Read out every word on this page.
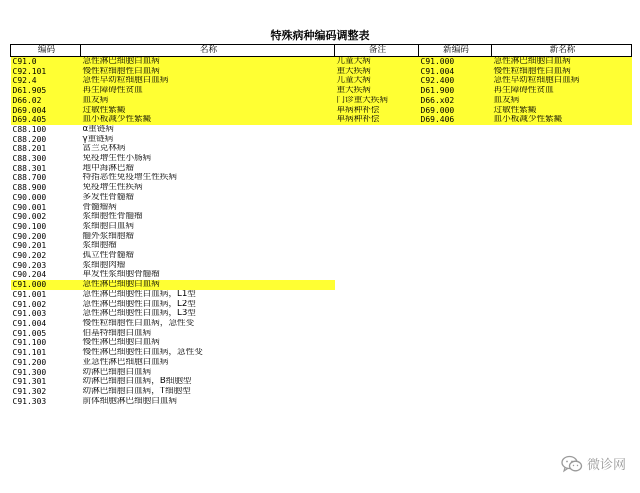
特殊病种编码调整表
编码	名称	备注	新编码	新名称
C91.0	急性淋巴细胞白血病	儿童大病	C91.000	急性淋巴细胞白血病
C92.101	慢性粒细胞性白血病	重大疾病	C91.004	慢性粒细胞性白血病
C92.4	急性早幼粒细胞白血病	儿童大病	C92.400	急性早幼粒细胞白血病
D61.905	再生障碍性贫血	重大疾病	D61.900	再生障碍性贫血
D66.02	血友病	门诊重大疾病	D66.x02	血友病
D69.004	过敏性紫癜	单病种补偿	D69.000	过敏性紫癜
D69.405	血小板减少性紫癜	单病种补偿	D69.406	血小板减少性紫癜
C88.100	α重链病			
C88.200	γ重链病			
C88.201	富兰克林病			
C88.300	免疫增生性小肠病			
C88.301	地中海淋巴瘤			
C88.700	特指恶性免疫增生性疾病			
C88.900	免疫增生性疾病			
C90.000	多发性骨髓瘤			
C90.001	骨髓瘤病			
C90.002	浆细胞性骨髓瘤			
C90.100	浆细胞白血病			
C90.200	髓外浆细胞瘤			
C90.201	浆细胞瘤			
C90.202	孤立性骨髓瘤			
C90.203	浆细胞肉瘤			
C90.204	单发性浆细胞骨髓瘤			
C91.000	急性淋巴细胞白血病			
C91.001	急性淋巴细胞性白血病，L1型			
C91.002	急性淋巴细胞性白血病，L2型			
C91.003	急性淋巴细胞性白血病，L3型			
C91.004	慢性粒细胞性白血病，急性变			
C91.005	伯基特细胞白血病			
C91.100	慢性淋巴细胞白血病			
C91.101	慢性淋巴细胞性白血病，急性变			
C91.200	亚急性淋巴细胞白血病			
C91.300	幼淋巴细胞白血病			
C91.301	幼淋巴细胞白血病，B细胞型			
C91.302	幼淋巴细胞白血病，T细胞型			
C91.303	前体细胞淋巴细胞白血病			
微诊网
